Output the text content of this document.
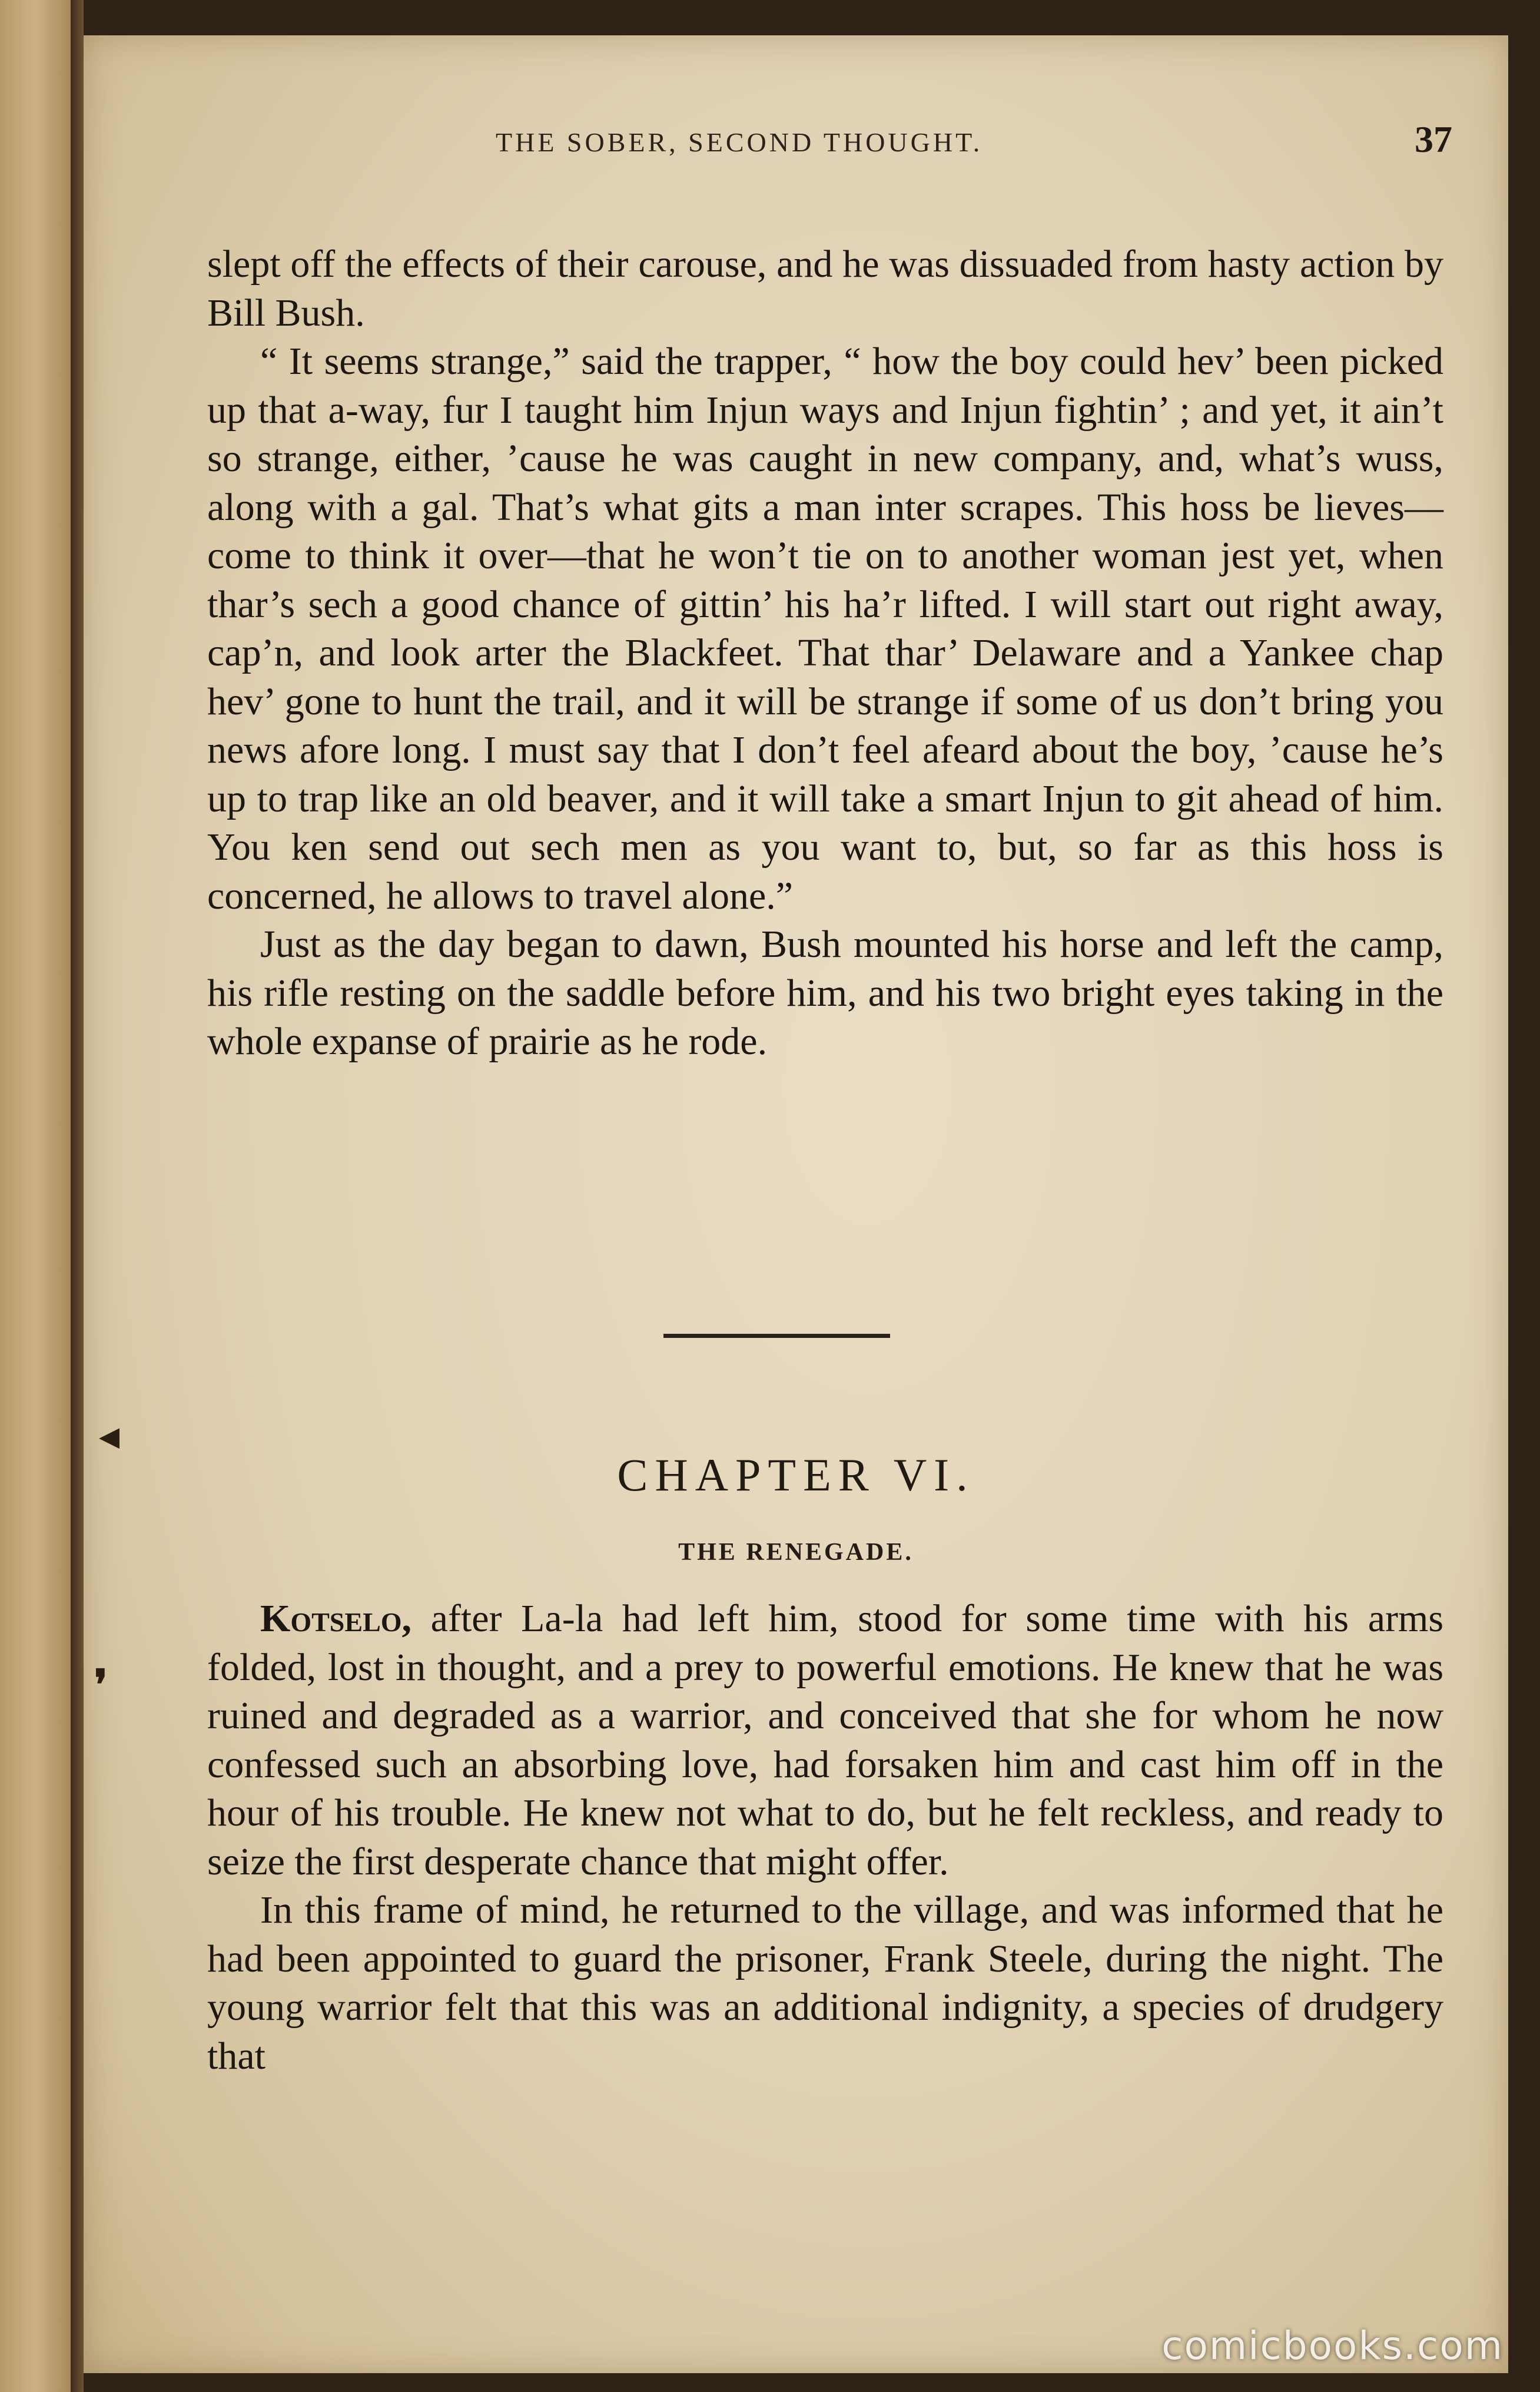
THE SOBER, SECOND THOUGHT.	37

slept off the effects of their carouse, and he was dissuaded from hasty action by Bill Bush.

“ It seems strange,” said the trapper, “ how the boy could hev’ been picked up that a-way, fur I taught him Injun ways and Injun fightin’ ; and yet, it ain’t so strange, either, ’cause he was caught in new company, and, what’s wuss, along with a gal. That’s what gits a man inter scrapes. This hoss be lieves—come to think it over—that he won’t tie on to another woman jest yet, when thar’s sech a good chance of gittin’ his ha’r lifted. I will start out right away, cap’n, and look arter the Blackfeet. That thar’ Delaware and a Yankee chap hev’ gone to hunt the trail, and it will be strange if some of us don’t bring you news afore long. I must say that I don’t feel afeard about the boy, ’cause he’s up to trap like an old beaver, and it will take a smart Injun to git ahead of him. You ken send out sech men as you want to, but, so far as this hoss is concerned, he allows to travel alone.”

Just as the day began to dawn, Bush mounted his horse and left the camp, his rifle resting on the saddle before him, and his two bright eyes taking in the whole expanse of prairie as he rode.

CHAPTER VI.
THE RENEGADE.

Kotselo, after La-la had left him, stood for some time with his arms folded, lost in thought, and a prey to powerful emotions. He knew that he was ruined and degraded as a warrior, and conceived that she for whom he now confessed such an absorbing love, had forsaken him and cast him off in the hour of his trouble. He knew not what to do, but he felt reckless, and ready to seize the first desperate chance that might offer.

In this frame of mind, he returned to the village, and was informed that he had been appointed to guard the prisoner, Frank Steele, during the night. The young warrior felt that this was an additional indignity, a species of drudgery that

◂
❜
comicbooks.com
